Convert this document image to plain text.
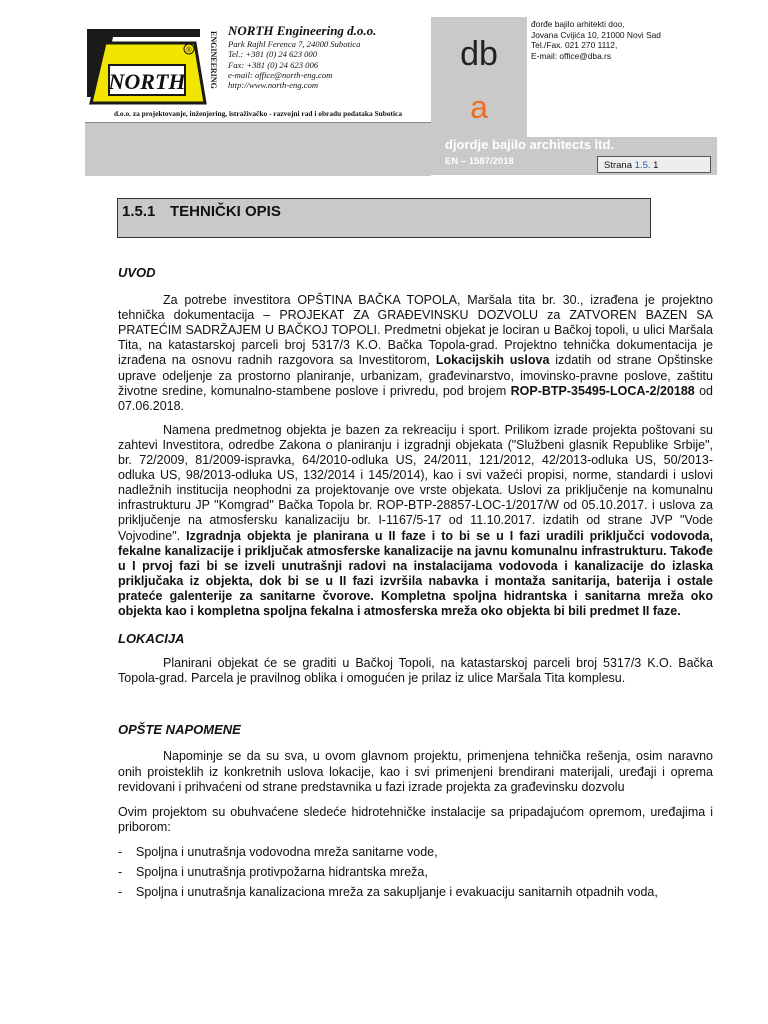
NORTH
® ENGINEERING
NORTH Engineering d.o.o.
Park Rajhl Ferenca 7, 24000 Subotica
Tel.: +381 (0) 24 623 000
Fax: +381 (0) 24 623 006
e-mail: office@north-eng.com
http://www.north-eng.com
d.o.o. za projektovanje, inženjering, istraživačko - razvojni rad i obradu podataka Subotica
db
a
đorđe bajilo arhitekti doo,
Jovana Cvijića 10, 21000 Novi Sad
Tel./Fax. 021 270 1112,
E-mail: office@dba.rs
djordje bajilo architects ltd.
EN – 1587/2018	Strana 1.5. 1
1.5.1 TEHNIČKI OPIS
UVOD

Za potrebe investitora OPŠTINA BAČKA TOPOLA, Maršala tita br. 30., izrađena je projektno tehnička dokumentacija – PROJEKAT ZA GRAĐEVINSKU DOZVOLU za ZATVOREN BAZEN SA PRATEĆIM SADRŽAJEM U BAČKOJ TOPOLI. Predmetni objekat je lociran u Bačkoj topoli, u ulici Maršala Tita, na katastarskoj parceli broj 5317/3 K.O. Bačka Topola-grad. Projektno tehnička dokumentacija je izrađena na osnovu radnih razgovora sa Investitorom, Lokacijskih uslova izdatih od strane Opštinske uprave odeljenje za prostorno planiranje, urbanizam, građevinarstvo, imovinsko-pravne poslove, zaštitu životne sredine, komunalno-stambene poslove i privredu, pod brojem ROP-BTP-35495-LOCA-2/20188 od 07.06.2018.

Namena predmetnog objekta je bazen za rekreaciju i sport. Prilikom izrade projekta poštovani su zahtevi Investitora, odredbe Zakona o planiranju i izgradnji objekata ("Službeni glasnik Republike Srbije", br. 72/2009, 81/2009-ispravka, 64/2010-odluka US, 24/2011, 121/2012, 42/2013-odluka US, 50/2013-odluka US, 98/2013-odluka US, 132/2014 i 145/2014), kao i svi važeći propisi, norme, standardi i uslovi nadležnih institucija neophodni za projektovanje ove vrste objekata. Uslovi za priključenje na komunalnu infrastrukturu JP "Komgrad" Bačka Topola br. ROP-BTP-28857-LOC-1/2017/W od 05.10.2017. i uslova za priključenje na atmosfersku kanalizaciju br. I-1167/5-17 od 11.10.2017. izdatih od strane JVP "Vode Vojvodine". Izgradnja objekta je planirana u II faze i to bi se u I fazi uradili priključci vodovoda, fekalne kanalizacije i priključak atmosferske kanalizacije na javnu komunalnu infrastrukturu. Takođe u I prvoj fazi bi se izveli unutrašnji radovi na instalacijama vodovoda i kanalizacije do izlaska priključaka iz objekta, dok bi se u II fazi izvršila nabavka i montaža sanitarija, baterija i ostale prateće galenterije za sanitarne čvorove. Kompletna spoljna hidrantska i sanitarna mreža oko objekta kao i kompletna spoljna fekalna i atmosferska mreža oko objekta bi bili predmet II faze.

LOKACIJA

Planirani objekat će se graditi u Bačkoj Topoli, na katastarskoj parceli broj 5317/3 K.O. Bačka Topola-grad. Parcela je pravilnog oblika i omogućen je prilaz iz ulice Maršala Tita komplesu.

OPŠTE NAPOMENE

Napominje se da su sva, u ovom glavnom projektu, primenjena tehnička rešenja, osim naravno onih proisteklih iz konkretnih uslova lokacije, kao i svi primenjeni brendirani materijali, uređaji i oprema revidovani i prihvaćeni od strane predstavnika u fazi izrade projekta za građevinsku dozvolu

Ovim projektom su obuhvaćene sledeće hidrotehničke instalacije sa pripadajućom opremom, uređajima i priborom:

- Spoljna i unutrašnja vodovodna mreža sanitarne vode,
- Spoljna i unutrašnja protivpožarna hidrantska mreža,
- Spoljna i unutrašnja kanalizaciona mreža za sakupljanje i evakuaciju sanitarnih otpadnih voda,
